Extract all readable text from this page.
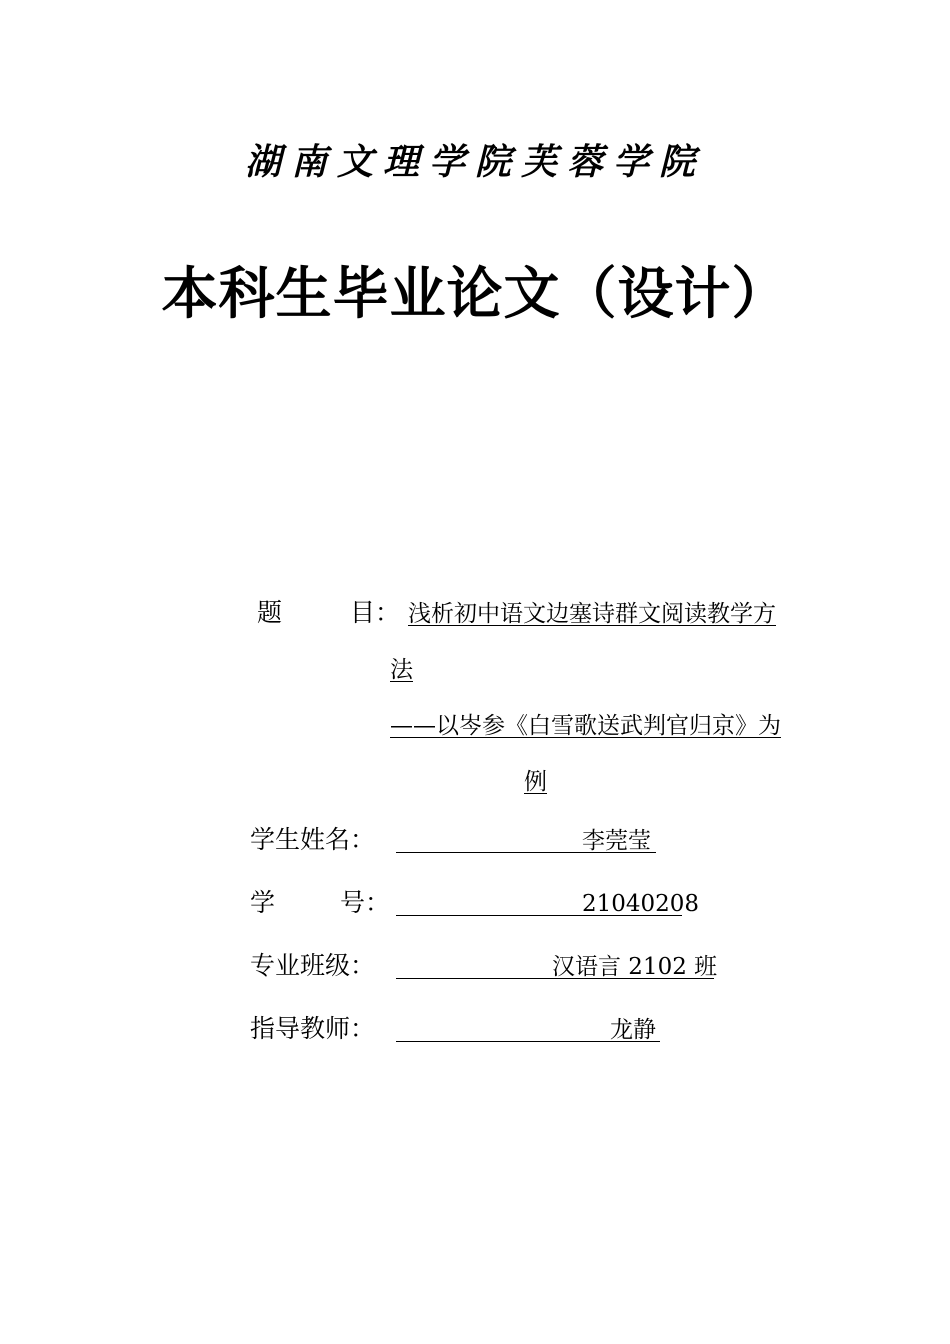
湖南文理学院芙蓉学院
本科生毕业论文（设计）
题	目： 浅析初中语文边塞诗群文阅读教学方
法
——以岑参《白雪歌送武判官归京》为
例
学生姓名：	李莞莹
学	号：	21040208
专业班级：	汉语言 2102 班
指导教师：	龙静
